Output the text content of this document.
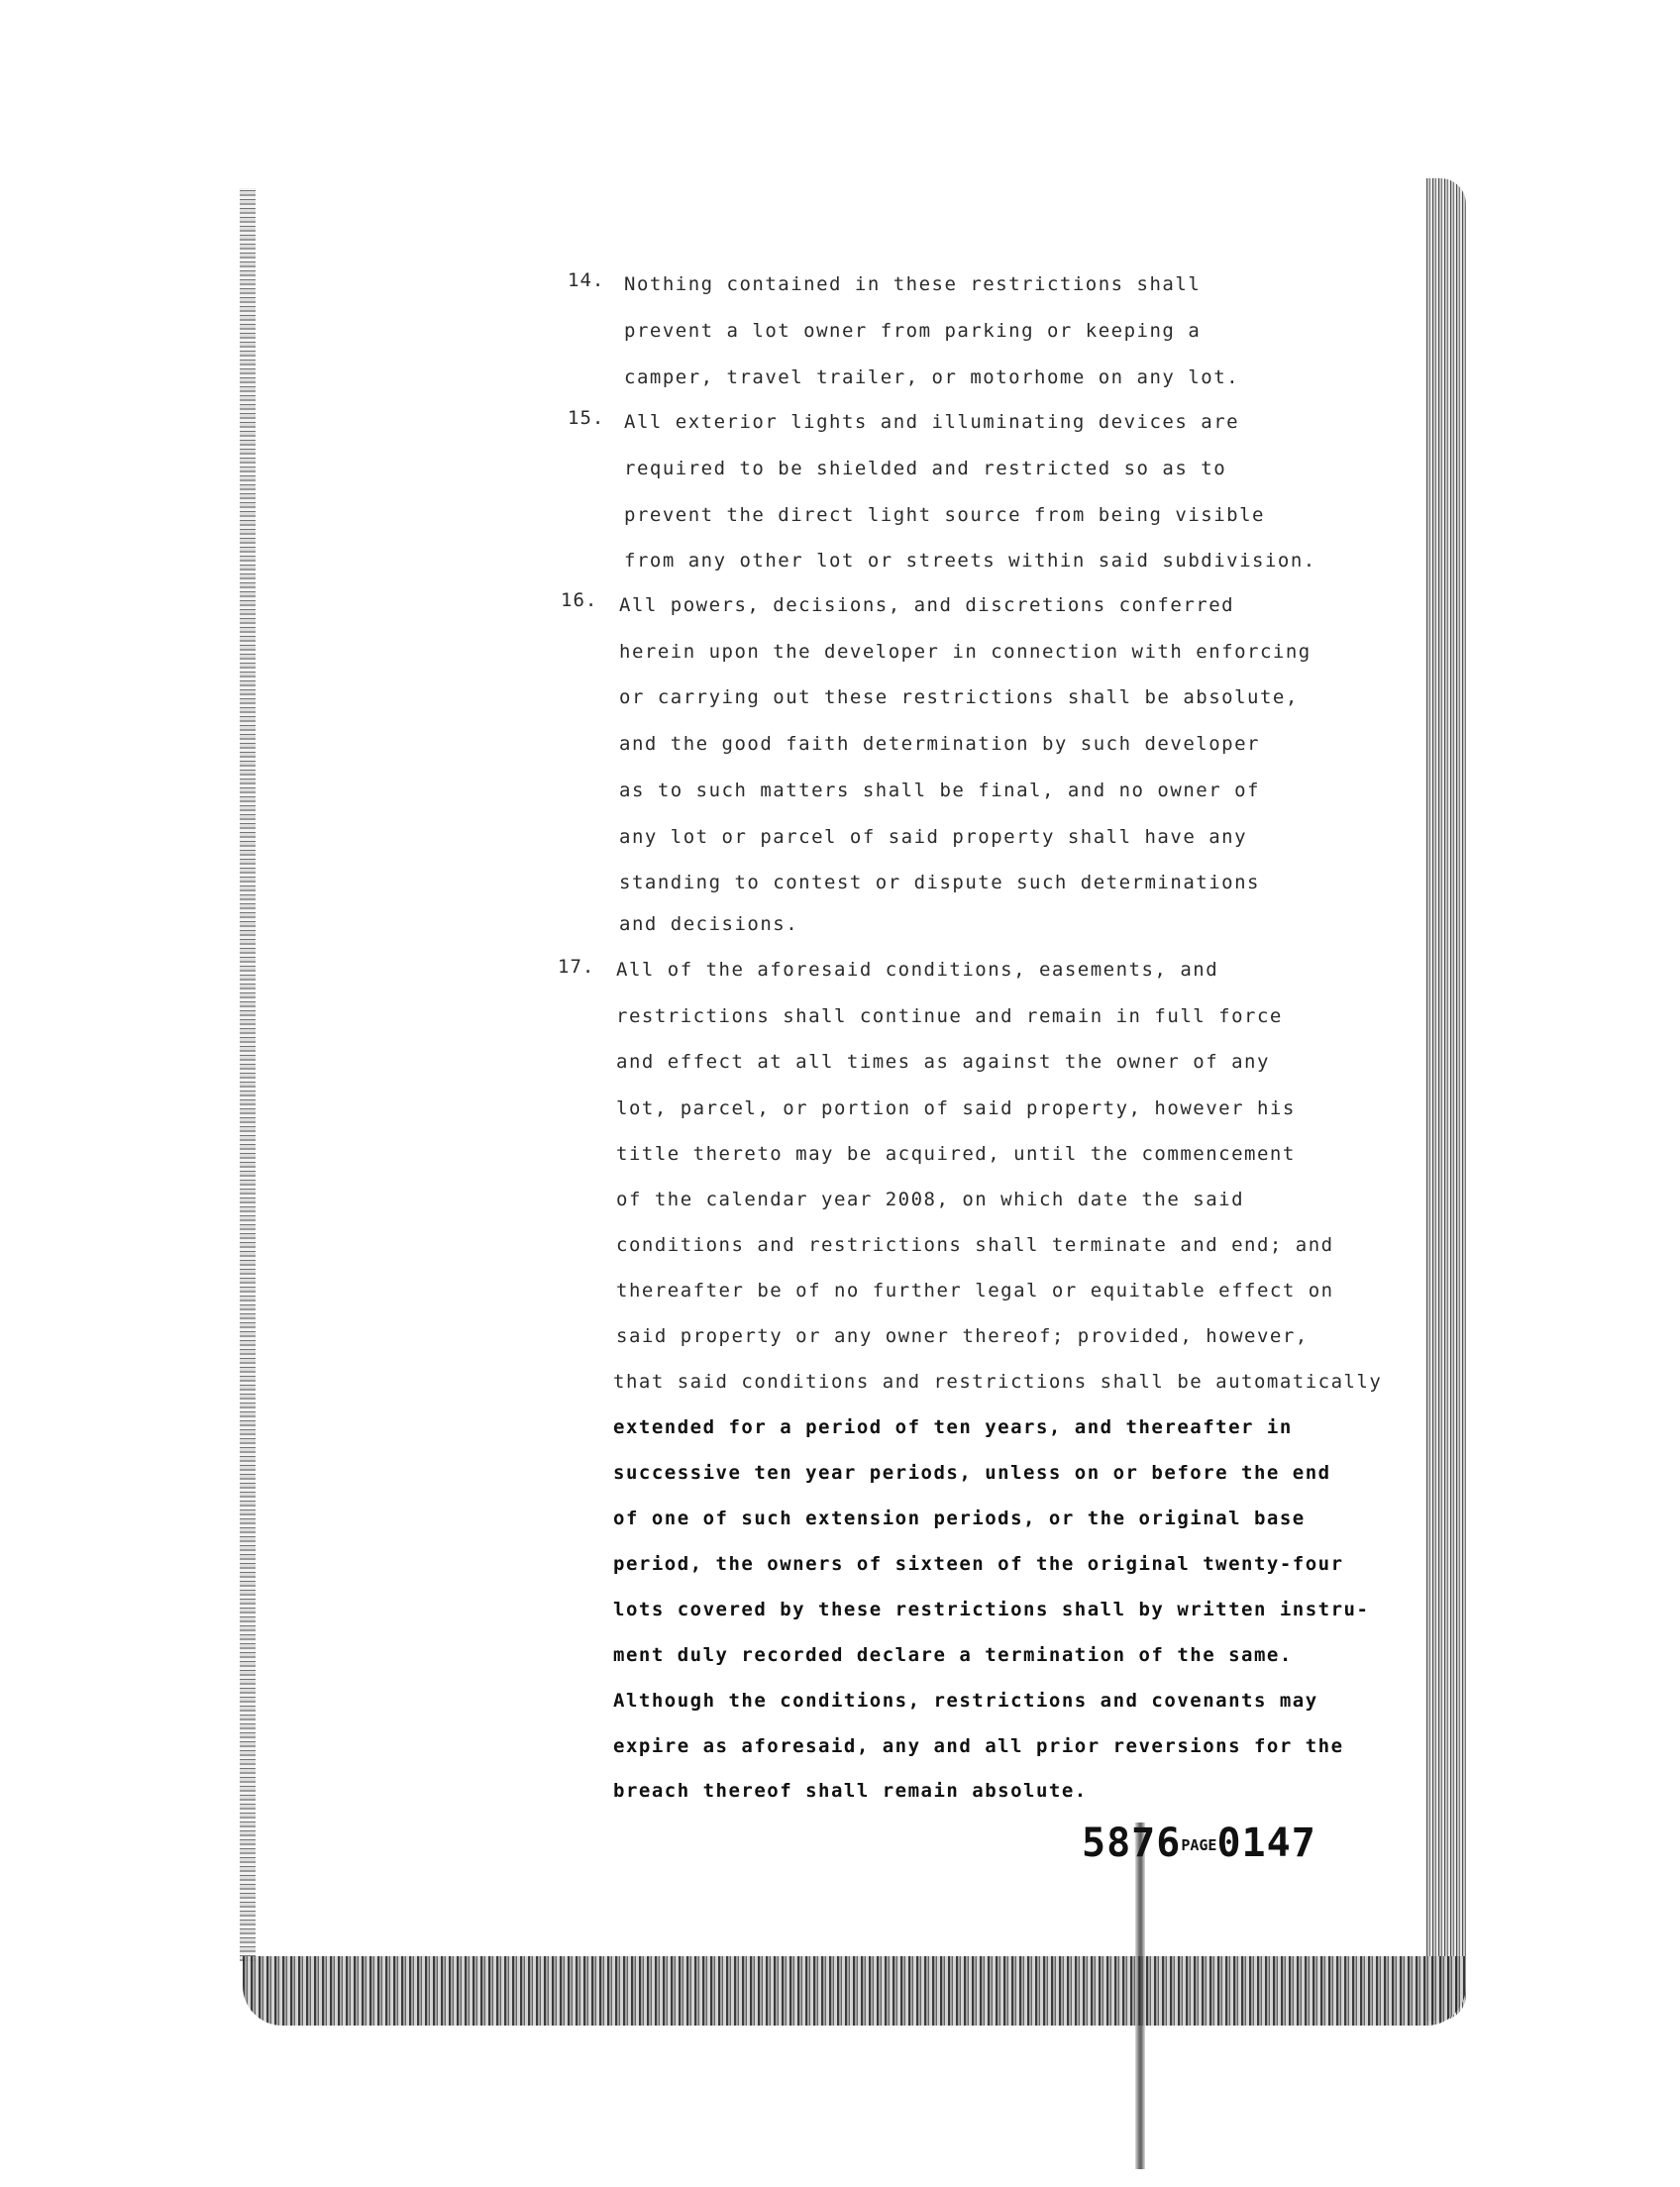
14. Nothing contained in these restrictions shall
prevent a lot owner from parking or keeping a
camper, travel trailer, or motorhome on any lot.
15. All exterior lights and illuminating devices are
required to be shielded and restricted so as to
prevent the direct light source from being visible
from any other lot or streets within said subdivision.
16. All powers, decisions, and discretions conferred
herein upon the developer in connection with enforcing
or carrying out these restrictions shall be absolute,
and the good faith determination by such developer
as to such matters shall be final, and no owner of
any lot or parcel of said property shall have any
standing to contest or dispute such determinations
and decisions.
17. All of the aforesaid conditions, easements, and
restrictions shall continue and remain in full force
and effect at all times as against the owner of any
lot, parcel, or portion of said property, however his
title thereto may be acquired, until the commencement
of the calendar year 2008, on which date the said
conditions and restrictions shall terminate and end; and
thereafter be of no further legal or equitable effect on
said property or any owner thereof; provided, however,
that said conditions and restrictions shall be automatically
extended for a period of ten years, and thereafter in
successive ten year periods, unless on or before the end
of one of such extension periods, or the original base
period, the owners of sixteen of the original twenty-four
lots covered by these restrictions shall by written instru-
ment duly recorded declare a termination of the same.
Although the conditions, restrictions and covenants may
expire as aforesaid, any and all prior reversions for the
breach thereof shall remain absolute.
5876PAGE0147
